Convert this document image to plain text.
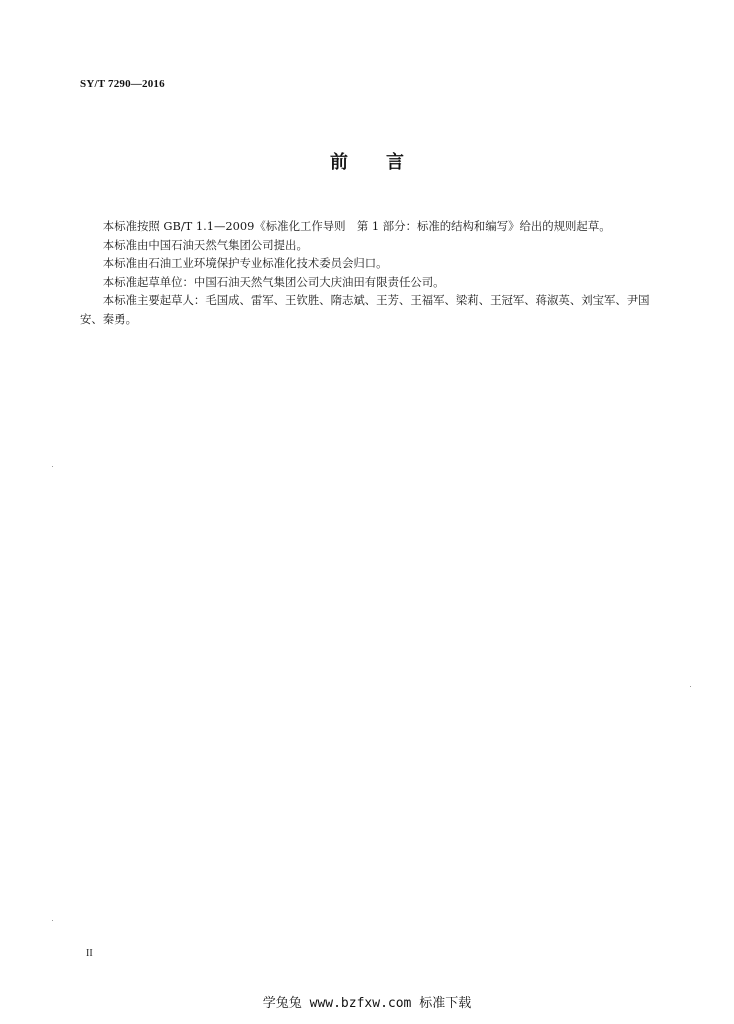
SY/T 7290—2016
前言

本标准按照 GB/T 1.1—2009《标准化工作导则　第 1 部分：标准的结构和编写》给出的规则起草。

本标准由中国石油天然气集团公司提出。

本标准由石油工业环境保护专业标准化技术委员会归口。

本标准起草单位：中国石油天然气集团公司大庆油田有限责任公司。

本标准主要起草人：毛国成、雷军、王钦胜、隋志斌、王芳、王福军、梁莉、王冠军、蒋淑英、刘宝军、尹国安、秦勇。

II
学兔兔 www.bzfxw.com 标准下载
